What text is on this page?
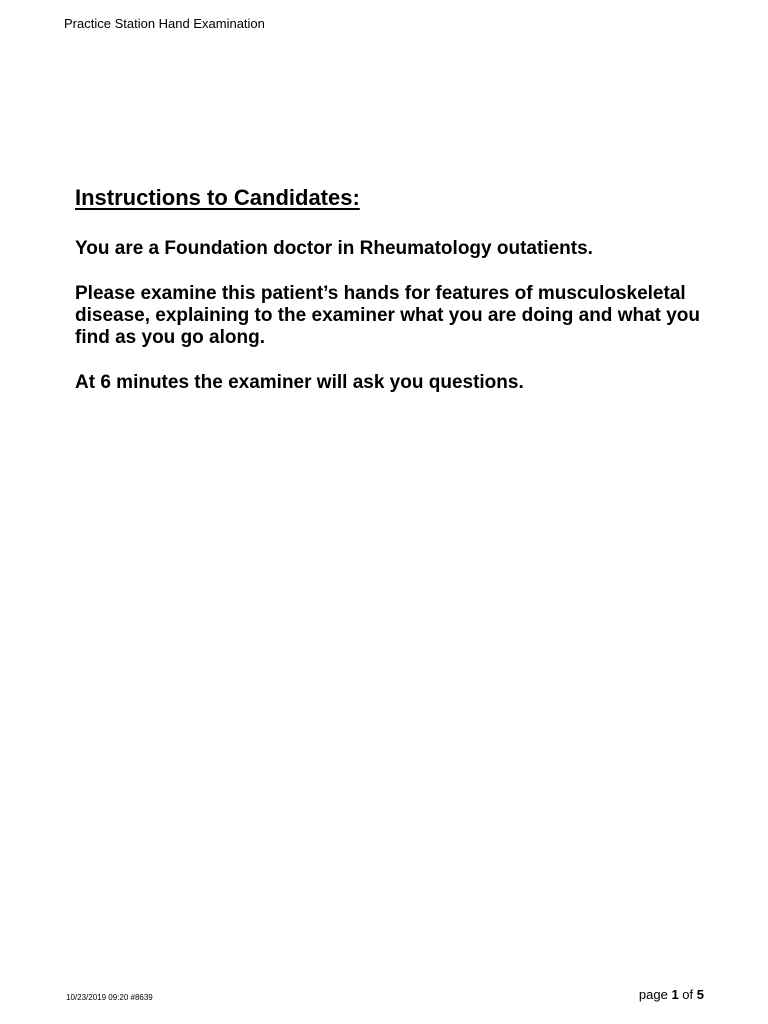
Practice Station Hand Examination
Instructions to Candidates:

You are a Foundation doctor in Rheumatology outatients.

Please examine this patient’s hands for features of musculoskeletal disease, explaining to the examiner what you are doing and what you find as you go along.

At 6 minutes the examiner will ask you questions.

10/23/2019 09:20 #8639	page 1 of 5
